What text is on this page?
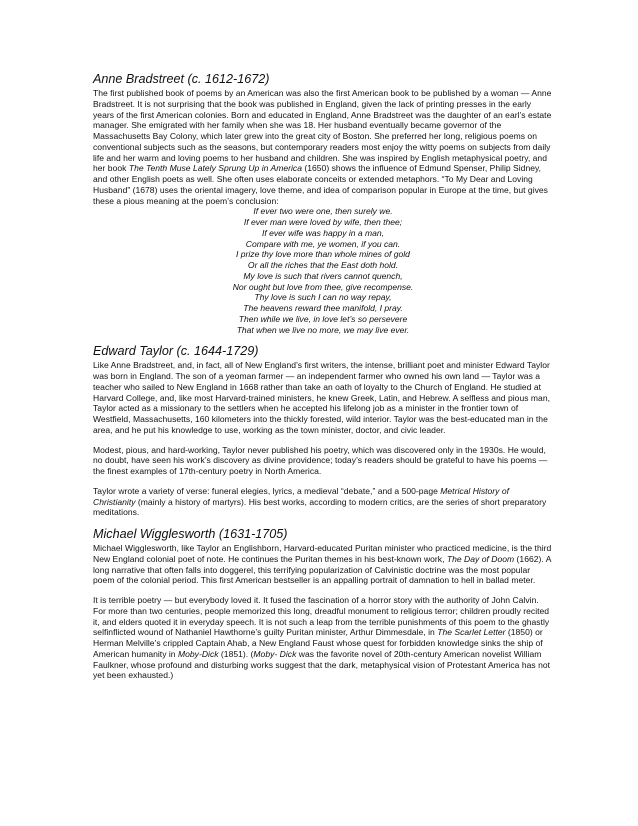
Anne Bradstreet (c. 1612-1672)

The first published book of poems by an American was also the first American book to be published by a woman — Anne Bradstreet. It is not surprising that the book was published in England, given the lack of printing presses in the early years of the first American colonies. Born and educated in England, Anne Bradstreet was the daughter of an earl’s estate manager. She emigrated with her family when she was 18. Her husband eventually became governor of the Massachusetts Bay Colony, which later grew into the great city of Boston. She preferred her long, religious poems on conventional subjects such as the seasons, but contemporary readers most enjoy the witty poems on subjects from daily life and her warm and loving poems to her husband and children. She was inspired by English metaphysical poetry, and her book The Tenth Muse Lately Sprung Up in America (1650) shows the influence of Edmund Spenser, Philip Sidney, and other English poets as well. She often uses elaborate conceits or extended metaphors. “To My Dear and Loving Husband” (1678) uses the oriental imagery, love theme, and idea of comparison popular in Europe at the time, but gives these a pious meaning at the poem’s conclusion:

If ever two were one, then surely we.
If ever man were loved by wife, then thee;
If ever wife was happy in a man,
Compare with me, ye women, if you can.
I prize thy love more than whole mines of gold
Or all the riches that the East doth hold.
My love is such that rivers cannot quench,
Nor ought but love from thee, give recompense.
Thy love is such I can no way repay,
The heavens reward thee manifold, I pray.
Then while we live, in love let’s so persevere
That when we live no more, we may live ever.
Edward Taylor (c. 1644-1729)

Like Anne Bradstreet, and, in fact, all of New England’s first writers, the intense, brilliant poet and minister Edward Taylor was born in England. The son of a yeoman farmer — an independent farmer who owned his own land — Taylor was a teacher who sailed to New England in 1668 rather than take an oath of loyalty to the Church of England. He studied at Harvard College, and, like most Harvard-trained ministers, he knew Greek, Latin, and Hebrew. A selfless and pious man, Taylor acted as a missionary to the settlers when he accepted his lifelong job as a minister in the frontier town of Westfield, Massachusetts, 160 kilometers into the thickly forested, wild interior. Taylor was the best-educated man in the area, and he put his knowledge to use, working as the town minister, doctor, and civic leader.

Modest, pious, and hard-working, Taylor never published his poetry, which was discovered only in the 1930s. He would, no doubt, have seen his work’s discovery as divine providence; today’s readers should be grateful to have his poems — the finest examples of 17th-century poetry in North America.

Taylor wrote a variety of verse: funeral elegies, lyrics, a medieval “debate,” and a 500-page Metrical History of Christianity (mainly a history of martyrs). His best works, according to modern critics, are the series of short preparatory meditations.

Michael Wigglesworth (1631-1705)

Michael Wigglesworth, like Taylor an Englishborn, Harvard-educated Puritan minister who practiced medicine, is the third New England colonial poet of note. He continues the Puritan themes in his best-known work, The Day of Doom (1662). A long narrative that often falls into doggerel, this terrifying popularization of Calvinistic doctrine was the most popular poem of the colonial period. This first American bestseller is an appalling portrait of damnation to hell in ballad meter.

It is terrible poetry — but everybody loved it. It fused the fascination of a horror story with the authority of John Calvin. For more than two centuries, people memorized this long, dreadful monument to religious terror; children proudly recited it, and elders quoted it in everyday speech. It is not such a leap from the terrible punishments of this poem to the ghastly selfinflicted wound of Nathaniel Hawthorne’s guilty Puritan minister, Arthur Dimmesdale, in The Scarlet Letter (1850) or Herman Melville’s crippled Captain Ahab, a New England Faust whose quest for forbidden knowledge sinks the ship of American humanity in Moby-Dick (1851). (Moby- Dick was the favorite novel of 20th-century American novelist William Faulkner, whose profound and disturbing works suggest that the dark, metaphysical vision of Protestant America has not yet been exhausted.)
